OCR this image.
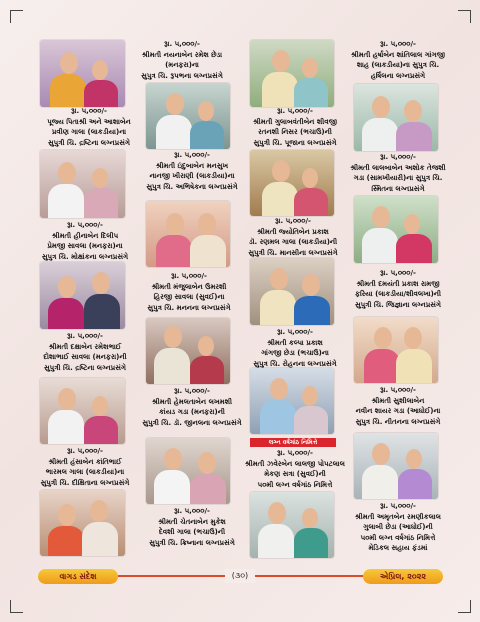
રૂા. ૫,૦૦૦/-
શ્રીમતી નયનાબેન રમેશ છેડા
(મનફરા)ના
સુપુત્ર ચિ. રૂપભના લગ્નપ્રસંગે
રૂા. ૫,૦૦૦/-
શ્રીમતી હર્ષાબેન શાંતિલાલ ગાંગજી
શાહ (લાકડીયા)ના સુપુત્ર ચિ.
હર્ષિલના લગ્નપ્રસંગે
રૂા. ૫,૦૦૦/-
પૂજ્ય પિતાશ્રી અને આશાબેન
પ્રવીણ ગાલા (લાકડીયા)ના
સુપુત્રી ચિ. દ્રષ્ટિના લગ્નપ્રસંગે
રૂા. ૫,૦૦૦/-
શ્રીમતી ગુલાબવંતીબેન શીવજી
રતનશી નિસર (ભચાઉ)ની
સુપુત્રી ચિ. પૂજાના લગ્નપ્રસંગે
રૂા. ૫,૦૦૦/-
શ્રીમતી ઇંદુબાબેન મનસુખ
નાનજી ખીરાણી (લાકડીયા)ના
સુપુત્ર ચિ. અભિષેકના લગ્નપ્રસંગે
રૂા. ૫,૦૦૦/-
શ્રીમતી લાલબાબેન અશોક તેજશી
ગડા (સામખીયારી)ના સુપુત્ર ચિ.
સ્મિતના લગ્નપ્રસંગે
રૂા. ૫,૦૦૦/-
શ્રીમતી હીનાબેન દિલીપ
પ્રેમજી સાવલા (મનફરા)ના
સુપુત્ર ચિ. મોક્ષાંકના લગ્નપ્રસંગે
રૂા. ૫,૦૦૦/-
શ્રીમતી જ્યોતિબેન પ્રકાશ
ડૉ. રણમલ ગાલા (લાકડીયા)ની
સુપુત્રી ચિ. માનસીના લગ્નપ્રસંગે
રૂા. ૫,૦૦૦/-
શ્રીમતી મંજુલાબેન ઉમરશી
હિરજી સાવલા (સુવઈ)ના
સુપુત્ર ચિ. મનનના લગ્નપ્રસંગે
રૂા. ૫,૦૦૦/-
શ્રીમતી દમયંતી પ્રકાશ રામજી
ફરિયા (લાકડીયા/શીવલખા)ની
સુપુત્રી ચિ. જિજ્ઞાના લગ્નપ્રસંગે
રૂા. ૫,૦૦૦/-
શ્રીમતી દક્ષાબેન રમેશભાઈ
દોશાભાઈ સાવલા (મનફરા)ની
સુપુત્રી ચિ. દ્રષ્ટિના લગ્નપ્રસંગે
રૂા. ૫,૦૦૦/-
શ્રીમતી કલ્પા પ્રકાશ
ગાંગજી છેડા (ભચાઉ)ના
સુપુત્ર ચિ. રોહનના લગ્નપ્રસંગે
રૂા. ૫,૦૦૦/-
શ્રીમતી હેમલતાબેન લખમશી
કાંયડ ગડા (મનફરા)ની
સુપુત્રી ચિ. ડૉ. જીનલના લગ્નપ્રસંગે
રૂા. ૫,૦૦૦/-
શ્રીમતી સુશીલાબેન
નવીન શાયર ગડા (આધોઈ)ના
સુપુત્ર ચિ. નીતનના લગ્નપ્રસંગે
રૂા. ૫,૦૦૦/-
શ્રીમતી હંસાબેન કાંતિભાઈ
ભારમલ ગાલા (લાકડીયા)ના
સુપુત્રી ચિ. દીક્ષિતાના લગ્નપ્રસંગે
લગ્ન વર્ષગાંઠ નિમિત્તે
રૂા. ૫,૦૦૦/-
શ્રીમતી ઝવેરબેન લાલજી પોપટલાલ
મેકણ સત્રા (સુવઈ)ની
૫૦મી લગ્ન વર્ષગાંઠ નિમિત્તે
રૂા. ૫,૦૦૦/-
શ્રીમતી ચેતનાબેન મુકેશ
દેવશી ગાલા (ભચાઉ)ની
સુપુત્રી ચિ. ક્રિષ્નાના લગ્નપ્રસંગે
રૂા. ૫,૦૦૦/-
શ્રીમતી અમૃતબેન રમણીકલાલ
ગુલાબી છેડા (આધોઈ)ની
૫૦મી લગ્ન વર્ષગાંઠ નિમિત્તે
મેડિકલ સહાય ફંડમાં
વાગડ સંદેશ	(૩૦)	એપ્રિલ, ૨૦૨૨
